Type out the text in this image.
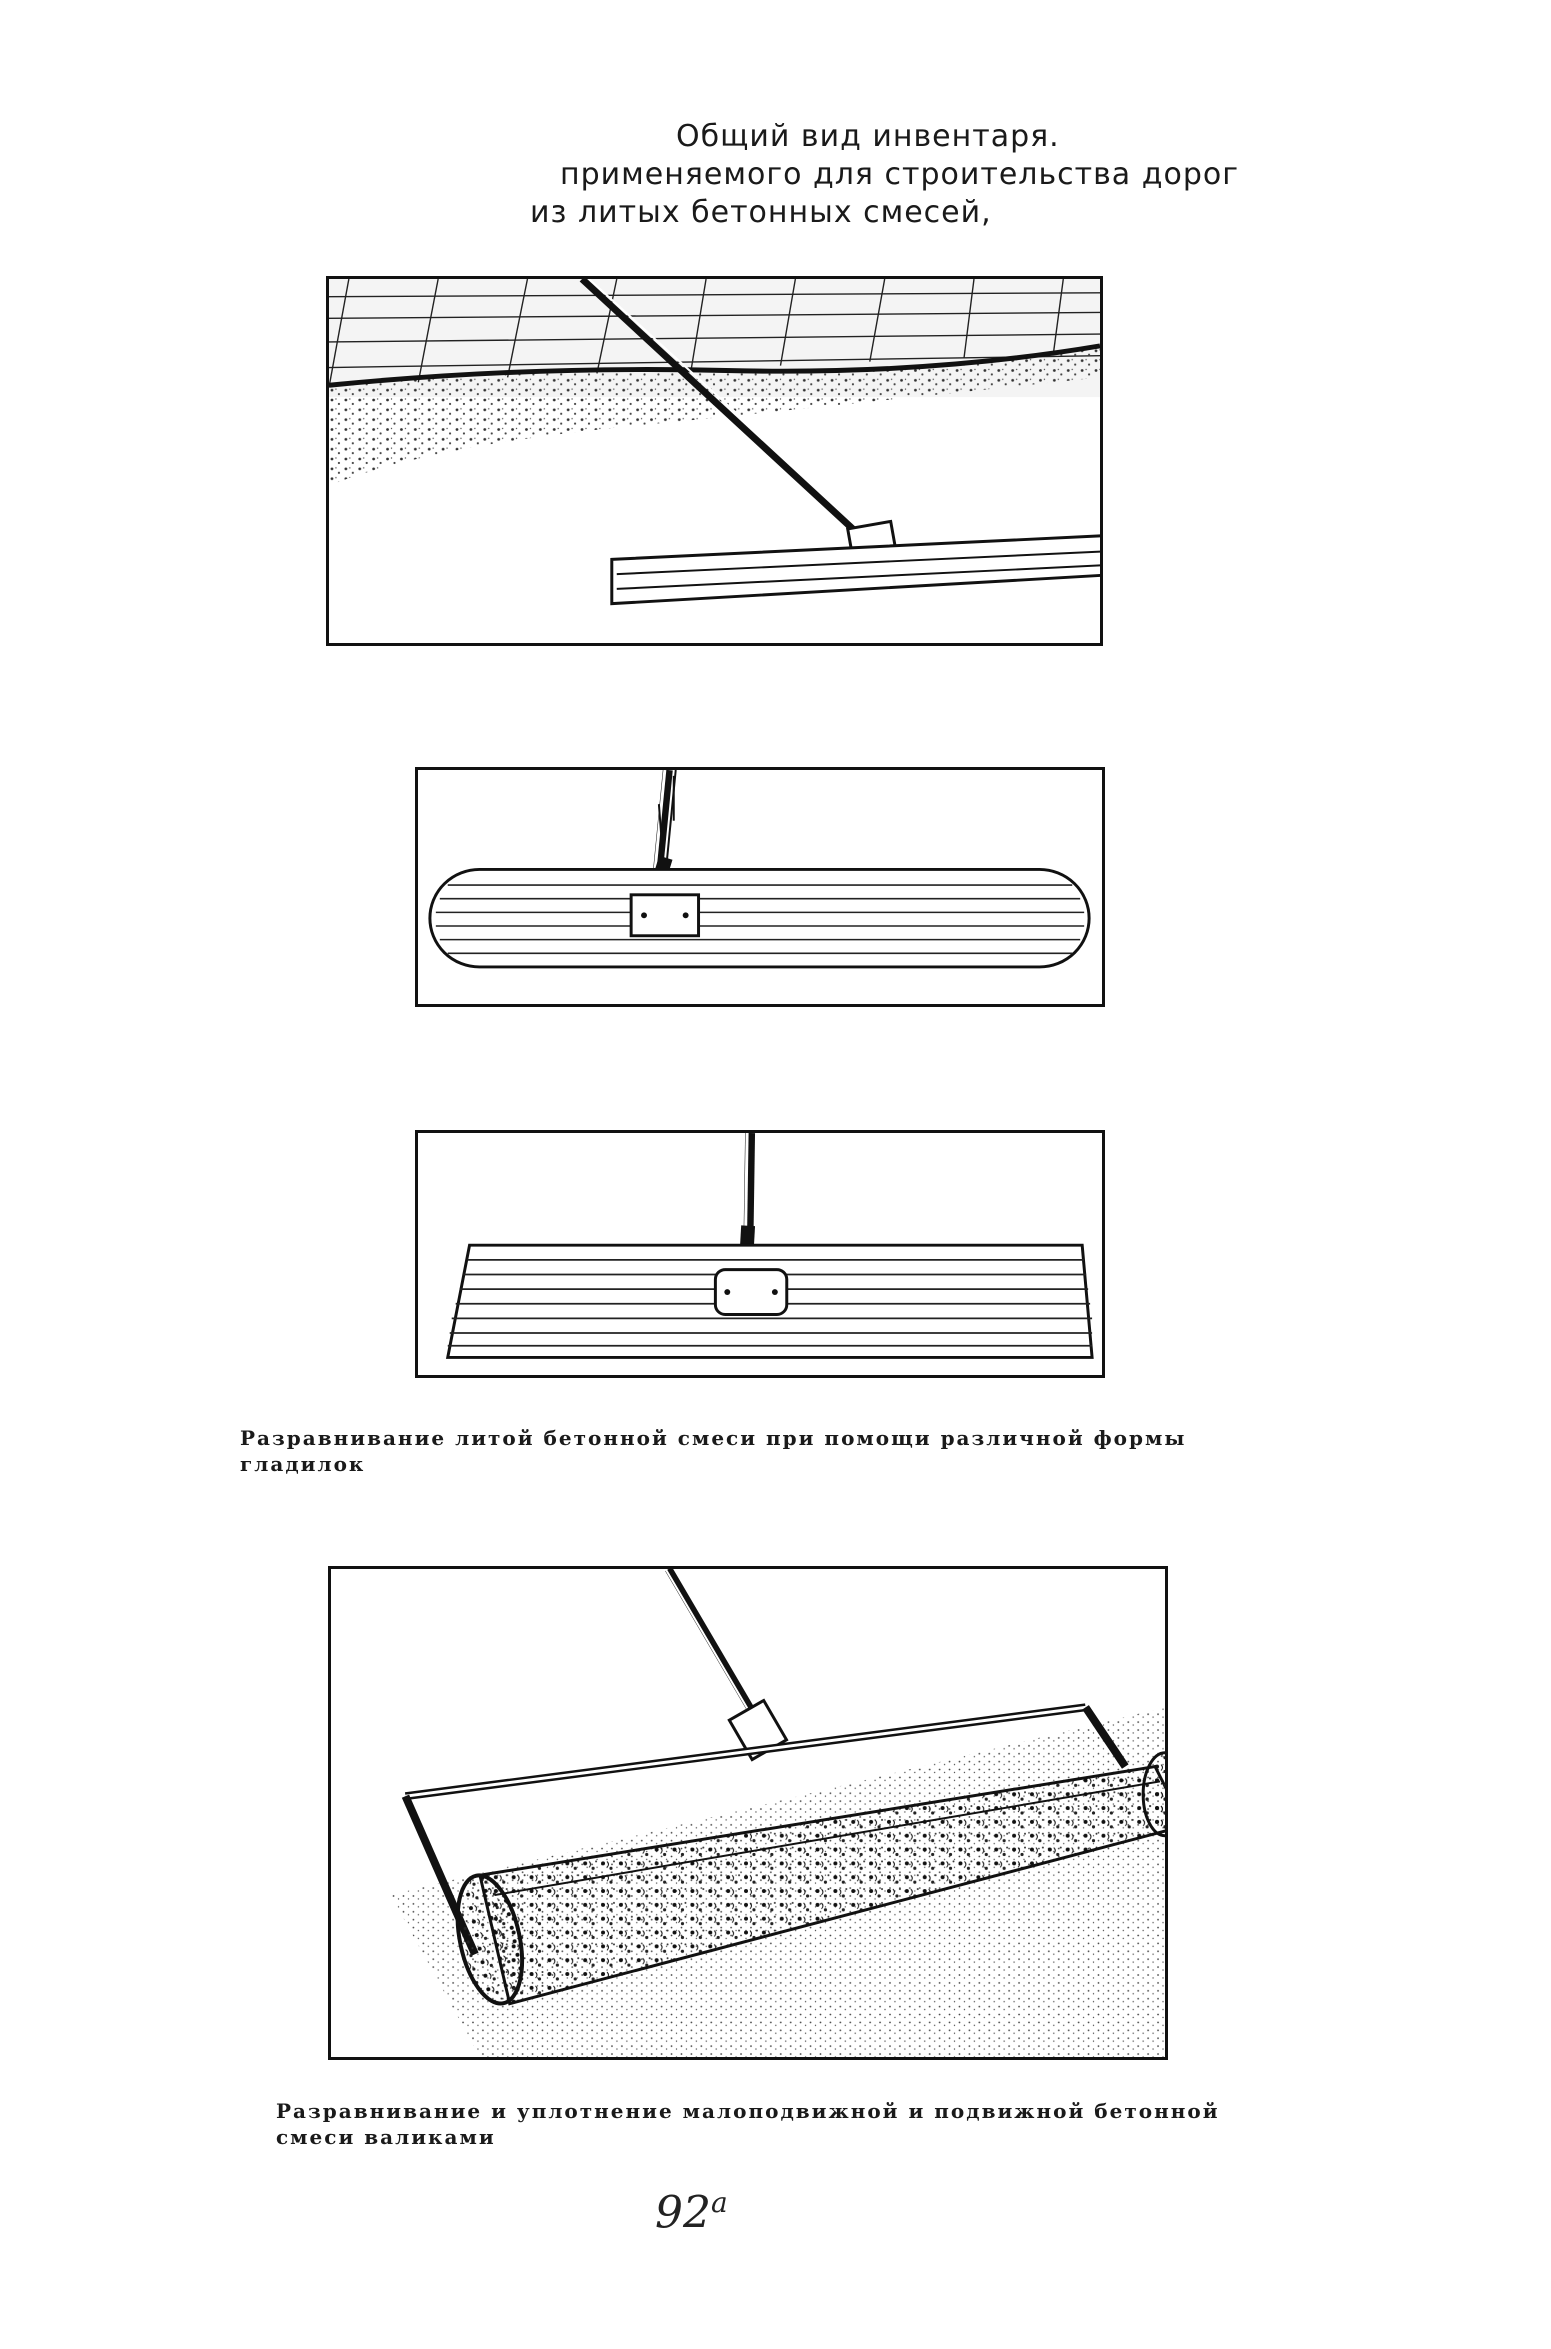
Общий вид инвентаря.
применяемого для строительства дорог
из литых бетонных смесей,
Разравнивание литой бетонной смеси при помощи различной формы
гладилок
Разравнивание и уплотнение малоподвижной и подвижной бетонной
смеси валиками
$92^а$
